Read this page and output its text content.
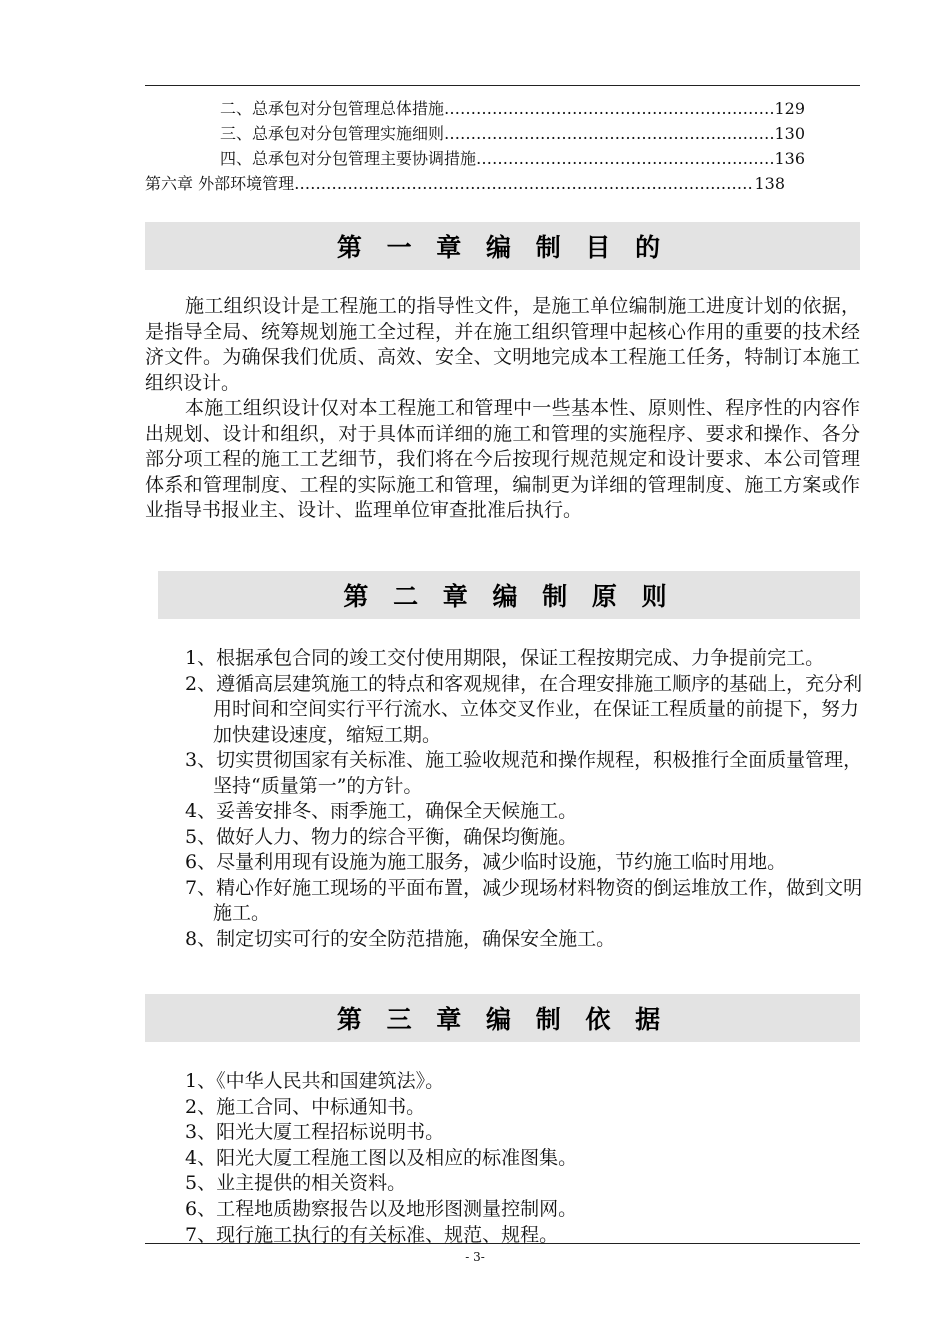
二、总承包对分包管理总体措施 ……………………………………………………………………………………………………………………	129
三、总承包对分包管理实施细则 ……………………………………………………………………………………………………………………	130
四、总承包对分包管理主要协调措施 ……………………………………………………………………………………………………………………	136
第六章 外部环境管理 ……………………………………………………………………………………………………………………	138
第 一 章 编 制 目 的

施工组织设计是工程施工的指导性文件，是施工单位编制施工进度计划的依据，是指导全局、统筹规划施工全过程，并在施工组织管理中起核心作用的重要的技术经济文件。为确保我们优质、高效、安全、文明地完成本工程施工任务，特制订本施工组织设计。

本施工组织设计仅对本工程施工和管理中一些基本性、原则性、程序性的内容作出规划、设计和组织，对于具体而详细的施工和管理的实施程序、要求和操作、各分部分项工程的施工工艺细节，我们将在今后按现行规范规定和设计要求、本公司管理体系和管理制度、工程的实际施工和管理，编制更为详细的管理制度、施工方案或作业指导书报业主、设计、监理单位审查批准后执行。

第 二 章 编 制 原 则
1、根据承包合同的竣工交付使用期限，保证工程按期完成、力争提前完工。
2、遵循高层建筑施工的特点和客观规律，在合理安排施工顺序的基础上，充分利用时间和空间实行平行流水、立体交叉作业，在保证工程质量的前提下，努力加快建设速度，缩短工期。
3、切实贯彻国家有关标准、施工验收规范和操作规程，积极推行全面质量管理，坚持“质量第一”的方针。
4、妥善安排冬、雨季施工，确保全天候施工。
5、做好人力、物力的综合平衡，确保均衡施。
6、尽量利用现有设施为施工服务，减少临时设施，节约施工临时用地。
7、精心作好施工现场的平面布置，减少现场材料物资的倒运堆放工作，做到文明施工。
8、制定切实可行的安全防范措施，确保安全施工。
第 三 章 编 制 依 据
1、《中华人民共和国建筑法》。
2、施工合同、中标通知书。
3、阳光大厦工程招标说明书。
4、阳光大厦工程施工图以及相应的标准图集。
5、业主提供的相关资料。
6、工程地质勘察报告以及地形图测量控制网。
7、现行施工执行的有关标准、规范、规程。
- 3-
